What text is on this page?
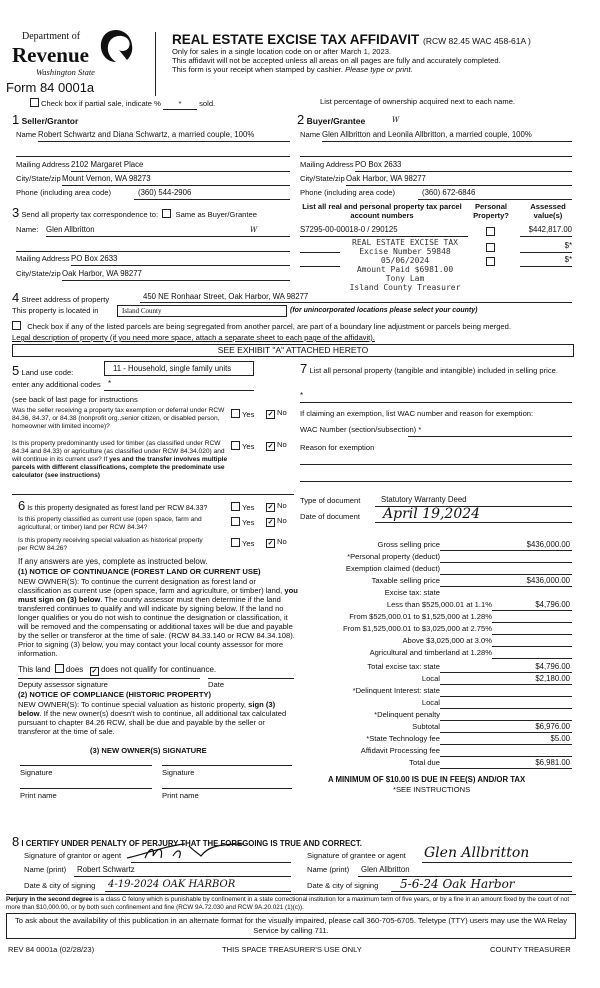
Department of
Revenue
Washington State
Form 84 0001a
REAL ESTATE EXCISE TAX AFFIDAVIT (RCW 82.45 WAC 458-61A )
Only for sales in a single location code on or after March 1, 2023.
This affidavit will not be accepted unless all areas on all pages are fully and accurately completed.
This form is your receipt when stamped by cashier. Please type or print.
Check box if partial sale, indicate % * sold.	List percentage of ownership acquired next to each name.
1 Seller/Grantor
Name Robert Schwartz and Diana Schwartz, a married couple, 100%
Mailing Address 2102 Margaret Place
City/State/zip Mount Vernon, WA 98273
Phone (including area code)	(360) 544-2906
2 Buyer/Grantee	W
Name Glen Allbritton and Leonila Allbritton, a married couple, 100%
Mailing Address PO Box 2633
City/State/zip Oak Harbor, WA 98277
Phone (including area code)	(360) 672-6846
3 Send all property tax correspondence to: Same as Buyer/Grantee
W
Name: Glen Allbritton
Mailing Address PO Box 2633
City/State/zip Oak Harbor, WA 98277
List all real and personal property tax parcel account numbers
Personal Property?
Assessed value(s)
S7295-00-00018-0 / 290125	$442,817.00
$*
$*
REAL ESTATE EXCISE TAX
Excise Number 59848
05/06/2024
Amount Paid $6981.00
Tony Lam
Island County Treasurer
4 Street address of property	450 NE Ronhaar Street, Oak Harbor, WA 98277
This property is located in	Island County	(for unincorporated locations please select your county)
Check box if any of the listed parcels are being segregated from another parcel, are part of a boundary line adjustment or parcels being merged.
Legal description of property (if you need more space, attach a separate sheet to each page of the affidavit).
SEE EXHIBIT "A" ATTACHED HERETO
5 Land use code:	11 - Household, single family units
enter any additional codes *
(see back of last page for instructions
Was the seller receiving a property tax exemption or deferral under RCW 84.36, 84.37, or 84.38 (nonprofit org.,senior citizen, or disabled person, homeowner with limited income)?
Yes ✓ No
Is this property predominantly used for timber (as classified under RCW 84.34 and 84.33) or agriculture (as classified under RCW 84.34.020) and will continue in its current use? If yes and the transfer involves multiple parcels with different classifications, complete the predominate use calculator (see instructions)
Yes ✓ No
6 Is this property designated as forest land per RCW 84.33?	Yes ✓ No
Is this property classified as current use (open space, farm and agricultural, or timber) land per RCW 84.34?
Yes ✓ No
Is this property receiving special valuation as historical property per RCW 84.26?
Yes ✓ No
If any answers are yes, complete as instructed below.
(1) NOTICE OF CONTINUANCE (FOREST LAND OR CURRENT USE)
NEW OWNER(S): To continue the current designation as forest land or classification as current use (open space, farm and agriculture, or timber) land, you must sign on (3) below. The county assessor must then determine if the land transferred continues to qualify and will indicate by signing below. If the land no longer qualifies or you do not wish to continue the designation or classification, it will be removed and the compensating or additional taxes will be due and payable by the seller or transferor at the time of sale. (RCW 84.33.140 or RCW 84.34.108). Prior to signing (3) below, you may contact your local county assessor for more information.
This land does ✓ does not qualify for continuance.
Deputy assessor signature	Date
(2) NOTICE OF COMPLIANCE (HISTORIC PROPERTY)
NEW OWNER(S): To continue special valuation as historic property, sign (3) below. If the new owner(s) doesn't wish to continue, all additional tax calculated pursuant to chapter 84.26 RCW, shall be due and payable by the seller or transferor at the time of sale.
(3) NEW OWNER(S) SIGNATURE
Signature	Signature
Print name	Print name
7 List all personal property (tangible and intangible) included in selling price.
*
If claiming an exemption, list WAC number and reason for exemption:
WAC Number (section/subsection) *
Reason for exemption
Type of document	Statutory Warranty Deed
Date of document April 19,2024
Gross selling price	$436,000.00
*Personal property (deduct)
Exemption claimed (deduct)
Taxable selling price	$436,000.00
Excise tax: state
Less than $525,000.01 at 1.1%	$4,796.00
From $525,000.01 to $1,525,000 at 1.28%
From $1,525,000.01 to $3,025,000 at 2.75%
Above $3,025,000 at 3.0%
Agricultural and timberland at 1.28%
Total excise tax: state	$4,796.00
Local	$2,180.00
*Delinquent Interest: state
Local
*Delinquent penalty
Subtotal	$6,976.00
*State Technology fee	$5.00
Affidavit Processing fee
Total due	$6,981.00
A MINIMUM OF $10.00 IS DUE IN FEE(S) AND/OR TAX
*SEE INSTRUCTIONS
8 I CERTIFY UNDER PENALTY OF PERJURY THAT THE FOREGOING IS TRUE AND CORRECT.
Signature of grantor or agent	Signature of grantee or agent Glen Allbritton
Name (print) Robert Schwartz	Name (print) Glen Allbritton
Date & city of signing 4-19-2024 OAK HARBOR	Date & city of signing 5-6-24 Oak Harbor
Perjury in the second degree is a class C felony which is punishable by confinement in a state correctional institution for a maximum term of five years, or by a fine in an amount fixed by the court of not more than $10,000.00, or by both such confinement and fine (RCW 9A.72.030 and RCW 9A.20.021 (1)(c)).
To ask about the availability of this publication in an alternate format for the visually impaired, please call 360-705-6705. Teletype (TTY) users may use the WA Relay Service by calling 711.
REV 84 0001a (02/28/23)	THIS SPACE TREASURER'S USE ONLY	COUNTY TREASURER
